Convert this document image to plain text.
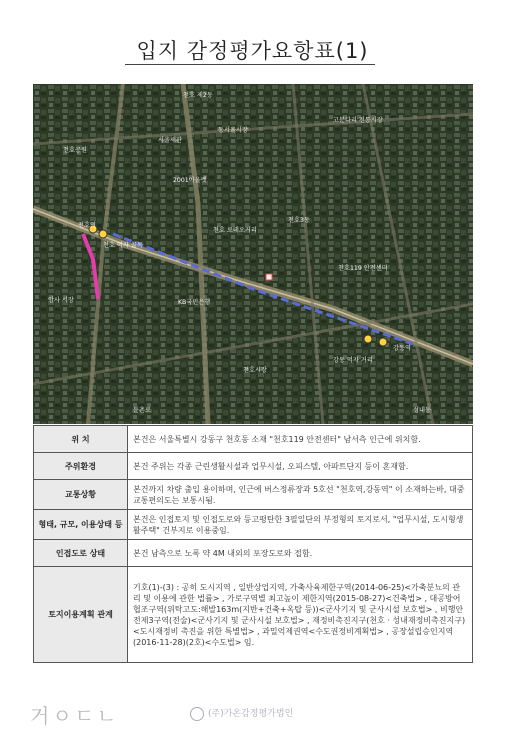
입지 감정평가요항표(1)
천호 제2동
동서울시장
고분다리 전통시장
천호공원
서울세관
2001아울렛
천호3동
천호 로데오거리
천호119 안전센터
천호역
천호 먹자 골목
암사 시장	KB국민은행
천호시장
강동 먹자 거리
강동역
성내동
둔촌로
위 치	본건은 서울특별시 강동구 천호동 소재 "천호119 안전센터" 남서측 인근에 위치함.
주위환경	본건 주위는 각종 근린생활시설과 업무시설, 오피스텔, 아파트단지 등이 혼재함.
교통상황	본건까지 차량 출입 용이하며, 인근에 버스정류장과 5호선 "천호역,강동역" 이 소재하는바, 대중교통편의도는 보통시됨.
형태, 규모, 이용상태 등	본건은 인접토지 및 인접도로와 등고평탄한 3필일단의 부정형의 토지로서, "업무시설, 도시형생활주택" 건부지로 이용중임.
인접도로 상태	본건 남측으로 노폭 약 4M 내외의 포장도로와 접함.
토지이용계획 관계	기호(1)-(3) : 공히 도시지역 , 일반상업지역, 가축사육제한구역(2014-06-25)<가축분뇨의 관리 및 이용에 관한 법률> , 가로구역별 최고높이 제한지역(2015-08-27)<건축법> , 대공방어협조구역(위탁고도:해발163m(지반+건축+옥탑 등))<군사기지 및 군사시설 보호법> , 비행안전제3구역(전술)<군사기지 및 군사시설 보호법> , 재정비촉진지구(천호 · 성내재정비촉진지구)<도시재정비 촉진을 위한 특별법> , 과밀억제권역<수도권정비계획법> , 공장설립승인지역(2016-11-28)(2호)<수도법> 임.
거ㅇㄷㄴ	(주)가온감정평가법인
